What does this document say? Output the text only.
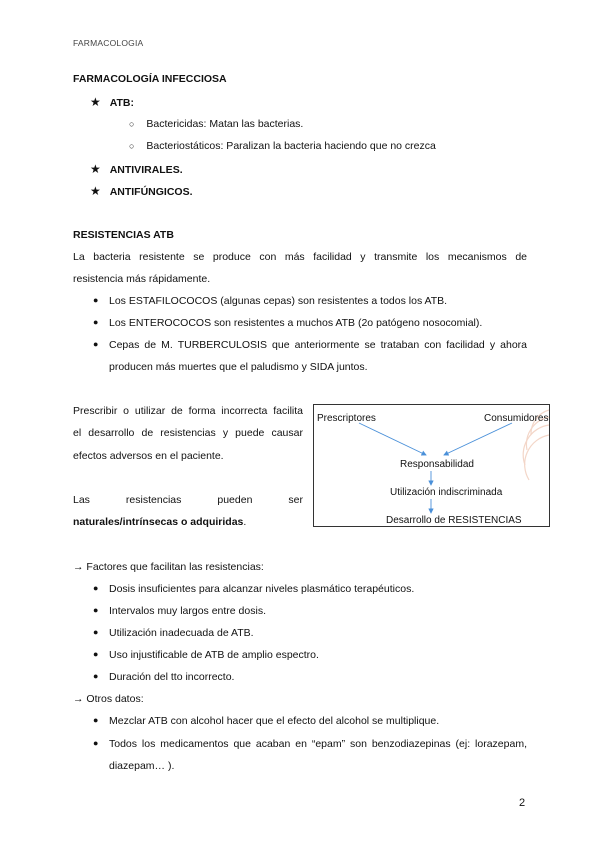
FARMACOLOGIA
FARMACOLOGÍA INFECCIOSA
★ ATB:
○ Bactericidas: Matan las bacterias.
○ Bacteriostáticos: Paralizan la bacteria haciendo que no crezca
★ ANTIVIRALES.
★ ANTIFÚNGICOS.
RESISTENCIAS ATB
La bacteria resistente se produce con más facilidad y transmite los mecanismos de
resistencia más rápidamente.
● Los ESTAFILOCOCOS (algunas cepas) son resistentes a todos los ATB.
● Los ENTEROCOCOS son resistentes a muchos ATB (2o patógeno nosocomial).
● Cepas de M. TURBERCULOSIS que anteriormente se trataban con facilidad y ahora
producen más muertes que el paludismo y SIDA juntos.
Prescribir o utilizar de forma incorrecta facilita
el desarrollo de resistencias y puede causar
efectos adversos en el paciente.
Las resistencias pueden ser
naturales/intrínsecas o adquiridas.
Prescriptores	Consumidores
Responsabilidad
Utilización indiscriminada
Desarrollo de RESISTENCIAS
→ Factores que facilitan las resistencias:
● Dosis insuficientes para alcanzar niveles plasmático terapéuticos.
● Intervalos muy largos entre dosis.
● Utilización inadecuada de ATB.
● Uso injustificable de ATB de amplio espectro.
● Duración del tto incorrecto.
→ Otros datos:
● Mezclar ATB con alcohol hacer que el efecto del alcohol se multiplique.
● Todos los medicamentos que acaban en “epam” son benzodiazepinas (ej: lorazepam,
diazepam… ).
2
